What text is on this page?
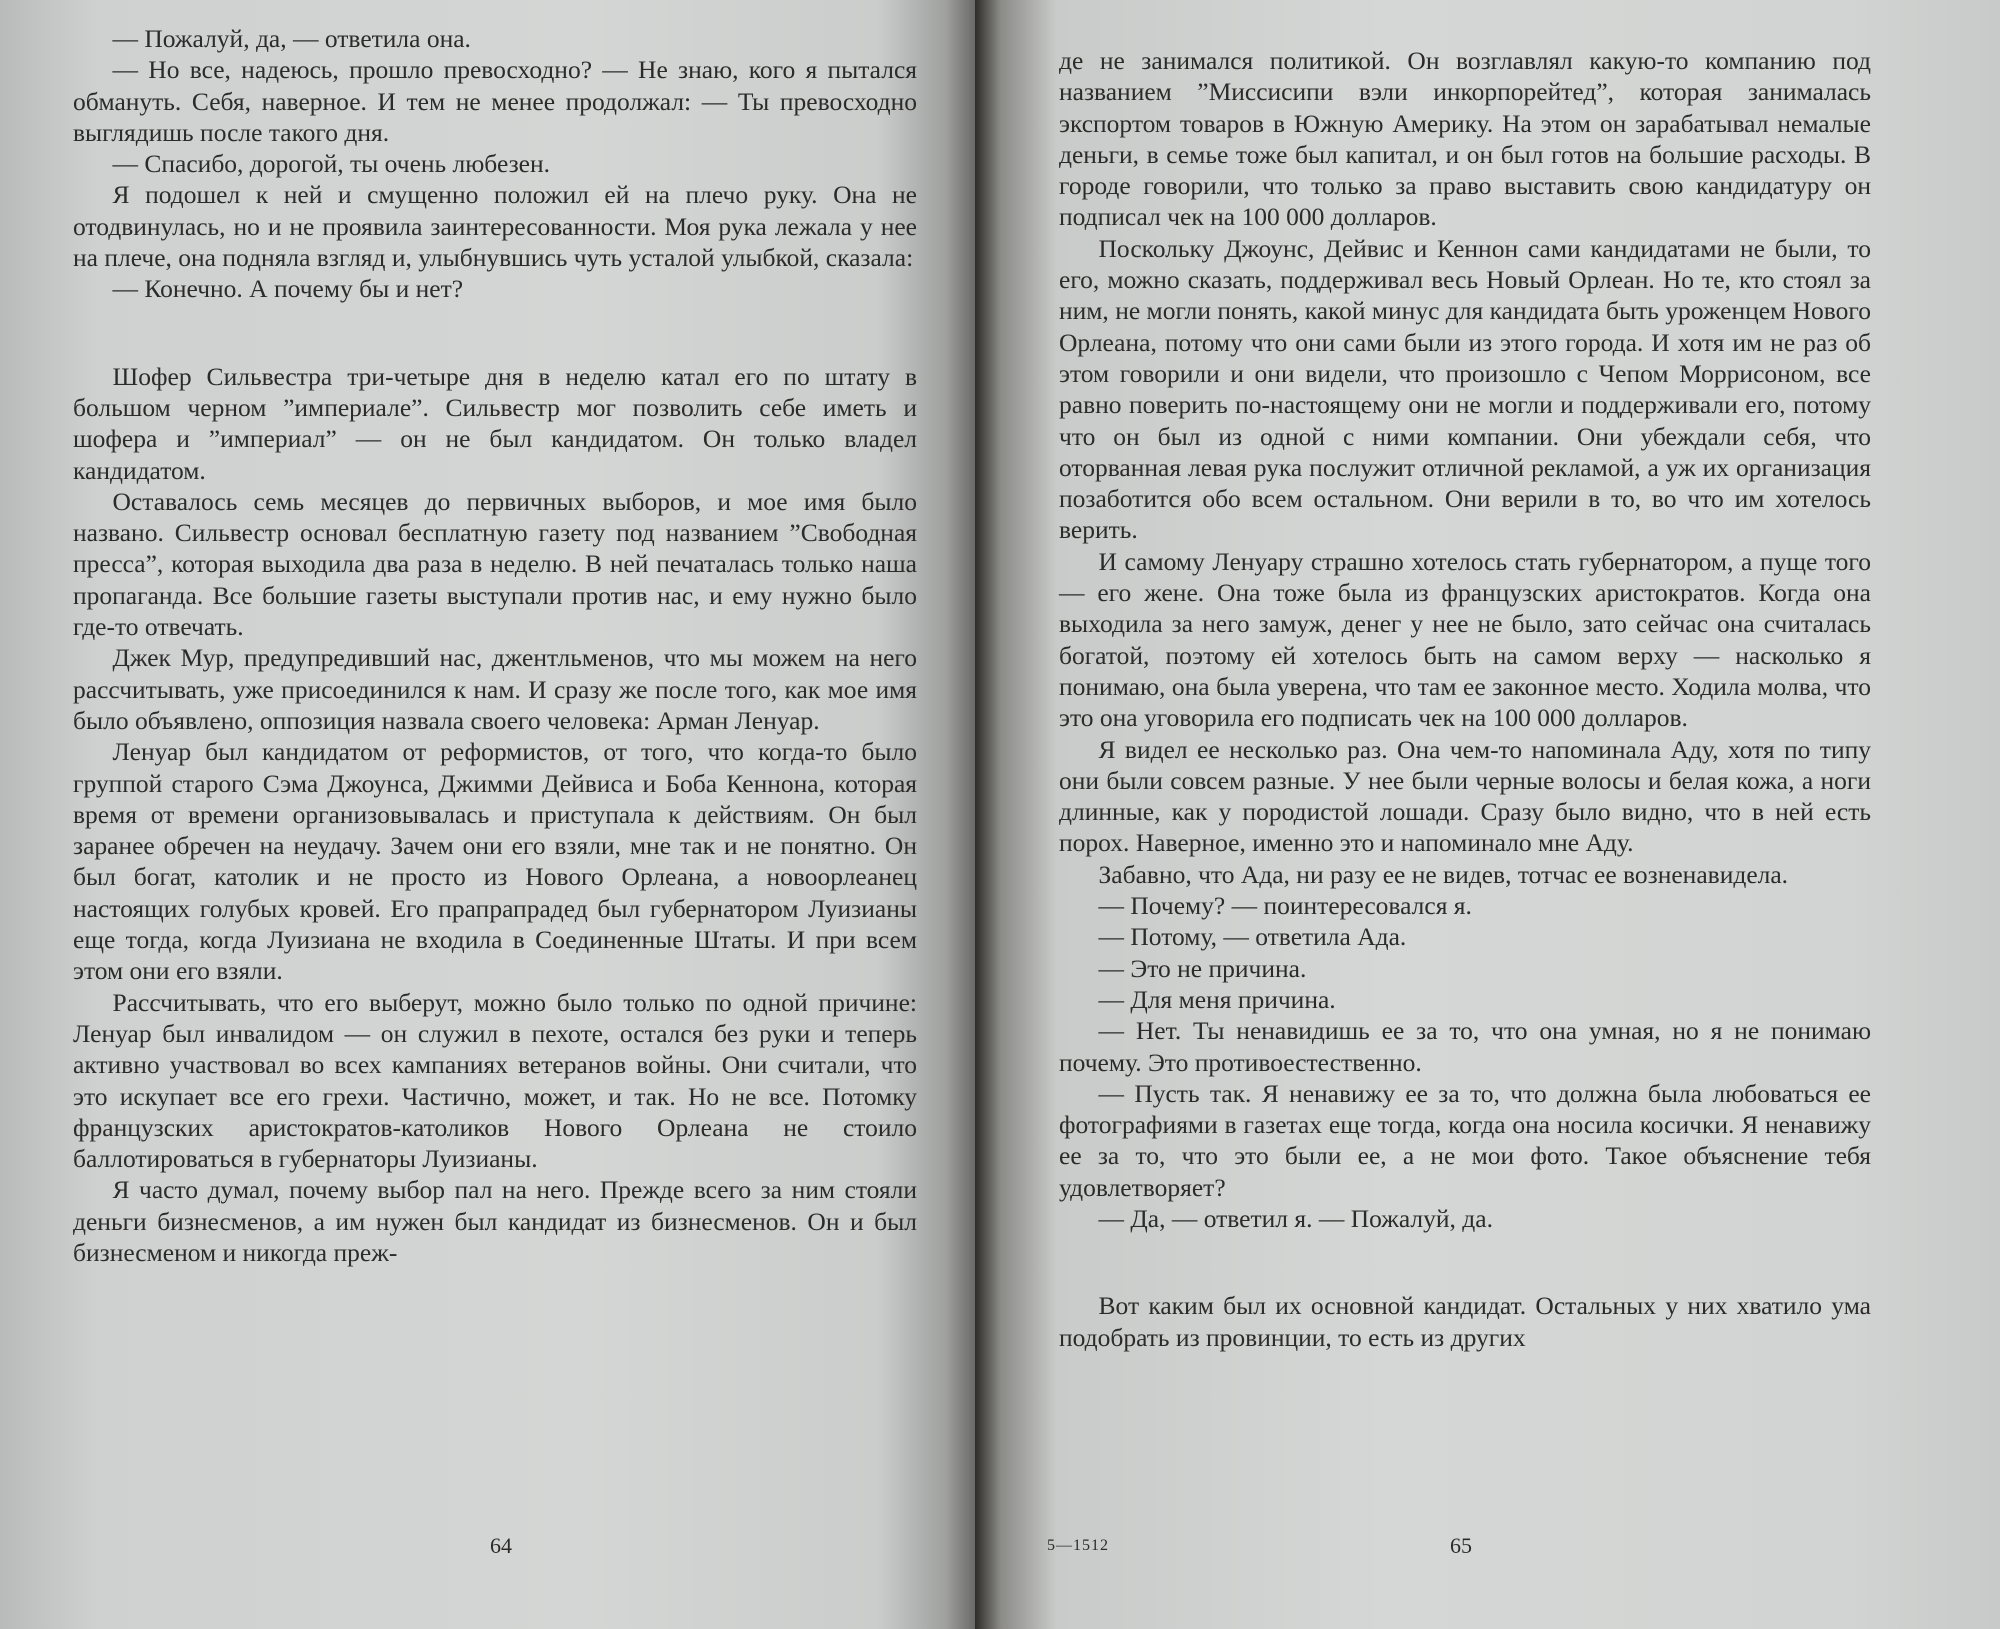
— Пожалуй, да, — ответила она.

— Но все, надеюсь, прошло превосходно? — Не знаю, кого я пытался обмануть. Себя, наверное. И тем не менее продолжал: — Ты превосходно выглядишь после такого дня.

— Спасибо, дорогой, ты очень любезен.

Я подошел к ней и смущенно положил ей на плечо руку. Она не отодвинулась, но и не проявила заинтересованности. Моя рука лежала у нее на плече, она подняла взгляд и, улыбнувшись чуть усталой улыбкой, сказала:

— Конечно. А почему бы и нет?

Шофер Сильвестра три-четыре дня в неделю катал его по штату в большом черном ”империале”. Сильвестр мог позволить себе иметь и шофера и ”империал” — он не был кандидатом. Он только владел кандидатом.

Оставалось семь месяцев до первичных выборов, и мое имя было названо. Сильвестр основал бесплатную газету под названием ”Свободная пресса”, которая выходила два раза в неделю. В ней печаталась только наша пропаганда. Все большие газеты выступали против нас, и ему нужно было где-то отвечать.

Джек Мур, предупредивший нас, джентльменов, что мы можем на него рассчитывать, уже присоединился к нам. И сразу же после того, как мое имя было объявлено, оппозиция назвала своего человека: Арман Ленуар.

Ленуар был кандидатом от реформистов, от того, что когда-то было группой старого Сэма Джоунса, Джимми Дейвиса и Боба Кеннона, которая время от времени организовывалась и приступала к действиям. Он был заранее обречен на неудачу. Зачем они его взяли, мне так и не понятно. Он был богат, католик и не просто из Нового Орлеана, а новоорлеанец настоящих голубых кровей. Его прапрапрадед был губернатором Луизианы еще тогда, когда Луизиана не входила в Соединенные Штаты. И при всем этом они его взяли.

Рассчитывать, что его выберут, можно было только по одной причине: Ленуар был инвалидом — он служил в пехоте, остался без руки и теперь активно участвовал во всех кампаниях ветеранов войны. Они считали, что это искупает все его грехи. Частично, может, и так. Но не все. Потомку французских аристократов-католиков Нового Орлеана не стоило баллотироваться в губернаторы Луизианы.

Я часто думал, почему выбор пал на него. Прежде всего за ним стояли деньги бизнесменов, а им нужен был кандидат из бизнесменов. Он и был бизнесменом и никогда преж-

64

де не занимался политикой. Он возглавлял какую-то компанию под названием ”Миссисипи вэли инкорпорейтед”, которая занималась экспортом товаров в Южную Америку. На этом он зарабатывал немалые деньги, в семье тоже был капитал, и он был готов на большие расходы. В городе говорили, что только за право выставить свою кандидатуру он подписал чек на 100 000 долларов.

Поскольку Джоунс, Дейвис и Кеннон сами кандидатами не были, то его, можно сказать, поддерживал весь Новый Орлеан. Но те, кто стоял за ним, не могли понять, какой минус для кандидата быть уроженцем Нового Орлеана, потому что они сами были из этого города. И хотя им не раз об этом говорили и они видели, что произошло с Чепом Моррисоном, все равно поверить по-настоящему они не могли и поддерживали его, потому что он был из одной с ними компании. Они убеждали себя, что оторванная левая рука послужит отличной рекламой, а уж их организация позаботится обо всем остальном. Они верили в то, во что им хотелось верить.

И самому Ленуару страшно хотелось стать губернатором, а пуще того — его жене. Она тоже была из французских аристократов. Когда она выходила за него замуж, денег у нее не было, зато сейчас она считалась богатой, поэтому ей хотелось быть на самом верху — насколько я понимаю, она была уверена, что там ее законное место. Ходила молва, что это она уговорила его подписать чек на 100 000 долларов.

Я видел ее несколько раз. Она чем-то напоминала Аду, хотя по типу они были совсем разные. У нее были черные волосы и белая кожа, а ноги длинные, как у породистой лошади. Сразу было видно, что в ней есть порох. Наверное, именно это и напоминало мне Аду.

Забавно, что Ада, ни разу ее не видев, тотчас ее возненавидела.

— Почему? — поинтересовался я.

— Потому, — ответила Ада.

— Это не причина.

— Для меня причина.

— Нет. Ты ненавидишь ее за то, что она умная, но я не понимаю почему. Это противоестественно.

— Пусть так. Я ненавижу ее за то, что должна была любоваться ее фотографиями в газетах еще тогда, когда она носила косички. Я ненавижу ее за то, что это были ее, а не мои фото. Такое объяснение тебя удовлетворяет?

— Да, — ответил я. — Пожалуй, да.

Вот каким был их основной кандидат. Остальных у них хватило ума подобрать из провинции, то есть из других

5—1512	65
